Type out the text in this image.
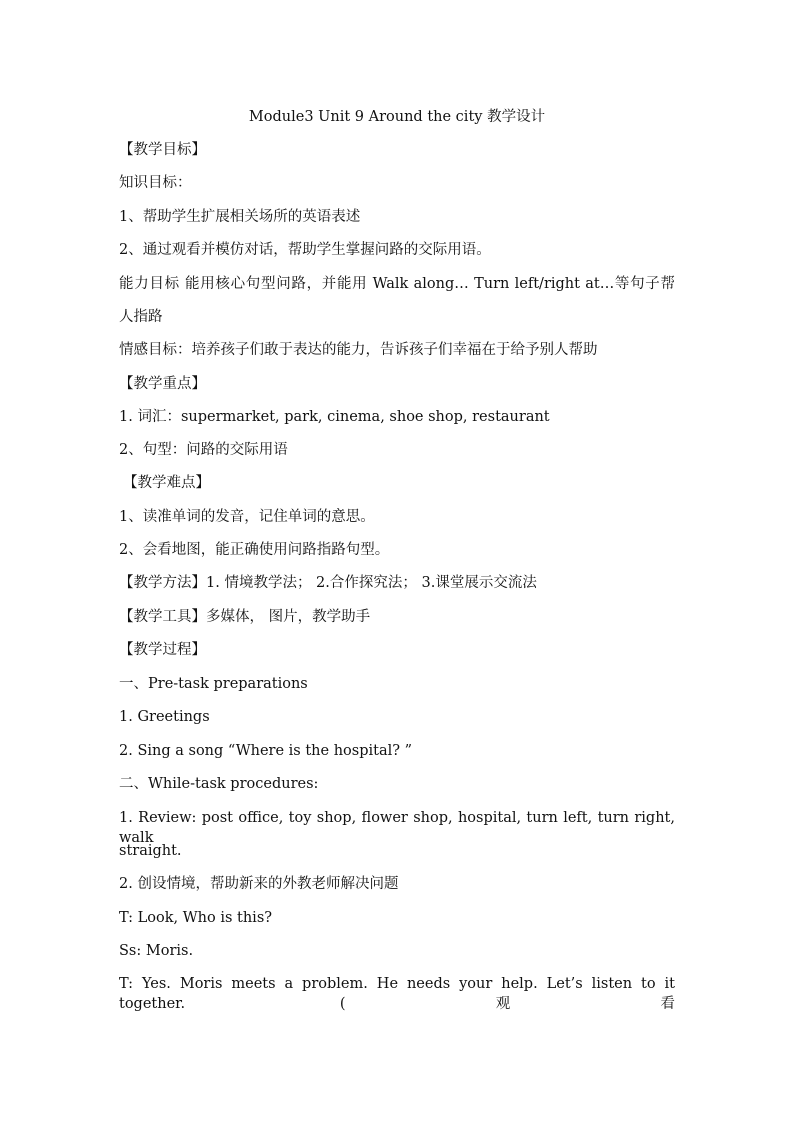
Module3 Unit 9 Around the city 教学设计
【教学目标】
知识目标：
1、帮助学生扩展相关场所的英语表述
2、通过观看并模仿对话，帮助学生掌握问路的交际用语。
能力目标 能用核心句型问路，并能用 Walk along… Turn left/right at…等句子帮
人指路
情感目标：培养孩子们敢于表达的能力，告诉孩子们幸福在于给予别人帮助
【教学重点】
1. 词汇：supermarket, park, cinema, shoe shop, restaurant
2、句型：问路的交际用语
【教学难点】
1、读准单词的发音，记住单词的意思。
2、会看地图，能正确使用问路指路句型。
【教学方法】1. 情境教学法； 2.合作探究法； 3.课堂展示交流法
【教学工具】多媒体， 图片，教学助手
【教学过程】
一、Pre-task preparations
1. Greetings
2. Sing a song “Where is the hospital? ”
二、While-task procedures:
1. Review: post office, toy shop, flower shop, hospital, turn left, turn right, walk
straight.
2. 创设情境，帮助新来的外教老师解决问题
T: Look, Who is this?
Ss: Moris.
T: Yes. Moris meets a problem. He needs your help. Let’s listen to it together. (观看
